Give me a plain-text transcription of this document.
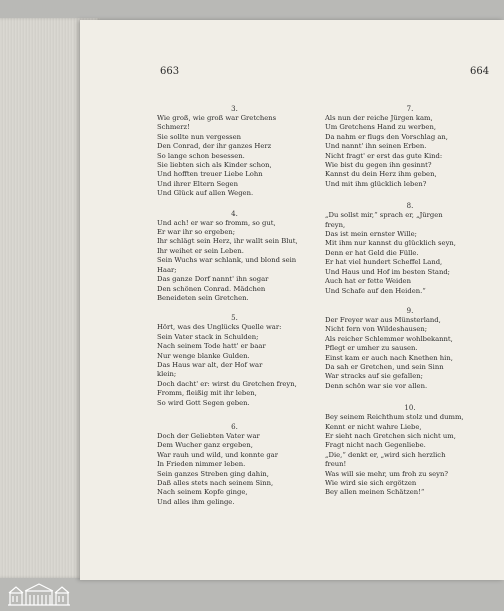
663	664
3.
Wie groß, wie groß war Gretchens
Schmerz!
Sie sollte nun vergessen
Den Conrad, der ihr ganzes Herz
So lange schon besessen.
Sie liebten sich als Kinder schon,
Und hofften treuer Liebe Lohn
Und ihrer Eltern Segen
Und Glück auf allen Wegen.
4.
Und ach! er war so fromm, so gut,
Er war ihr so ergeben;
Ihr schlägt sein Herz, ihr wallt sein Blut,
Ihr weihet er sein Leben.
Sein Wuchs war schlank, und blond sein
Haar;
Das ganze Dorf nannt' ihn sogar
Den schönen Conrad. Mädchen
Beneideten sein Gretchen.
5.
Hört, was des Unglücks Quelle war:
Sein Vater stack in Schulden;
Nach seinem Tode hatt' er baar
Nur wenge blanke Gulden.
Das Haus war alt, der Hof war
klein;
Doch dacht' er: wirst du Gretchen freyn,
Fromm, fleißig mit ihr leben,
So wird Gott Segen geben.
6.
Doch der Geliebten Vater war
Dem Wucher ganz ergeben,
War rauh und wild, und konnte gar
In Frieden nimmer leben.
Sein ganzes Streben ging dahin,
Daß alles stets nach seinem Sinn,
Nach seinem Kopfe ginge,
Und alles ihm gelinge.
7.
Als nun der reiche Jürgen kam,
Um Gretchens Hand zu werben,
Da nahm er flugs den Vorschlag an,
Und nannt' ihn seinen Erben.
Nicht fragt' er erst das gute Kind:
Wie bist du gegen ihn gesinnt?
Kannst du dein Herz ihm geben,
Und mit ihm glücklich leben?
8.
„Du sollst mir,“ sprach er, „Jürgen
freyn,
Das ist mein ernster Wille;
Mit ihm nur kannst du glücklich seyn,
Denn er hat Geld die Fülle.
Er hat viel hundert Scheffel Land,
Und Haus und Hof im besten Stand;
Auch hat er fette Weiden
Und Schafe auf den Heiden.“
9.
Der Freyer war aus Münsterland,
Nicht fern von Wildeshausen;
Als reicher Schlemmer wohlbekannt,
Pflegt er umher zu sausen.
Einst kam er auch nach Knethen hin,
Da sah er Gretchen, und sein Sinn
War stracks auf sie gefallen;
Denn schön war sie vor allen.
10.
Bey seinem Reichthum stolz und dumm,
Kennt er nicht wahre Liebe,
Er sieht nach Gretchen sich nicht um,
Fragt nicht nach Gegenliebe.
„Die,“ denkt er, „wird sich herzlich
freun!
Was will sie mehr, um froh zu seyn?
Wie wird sie sich ergötzen
Bey allen meinen Schätzen!“
